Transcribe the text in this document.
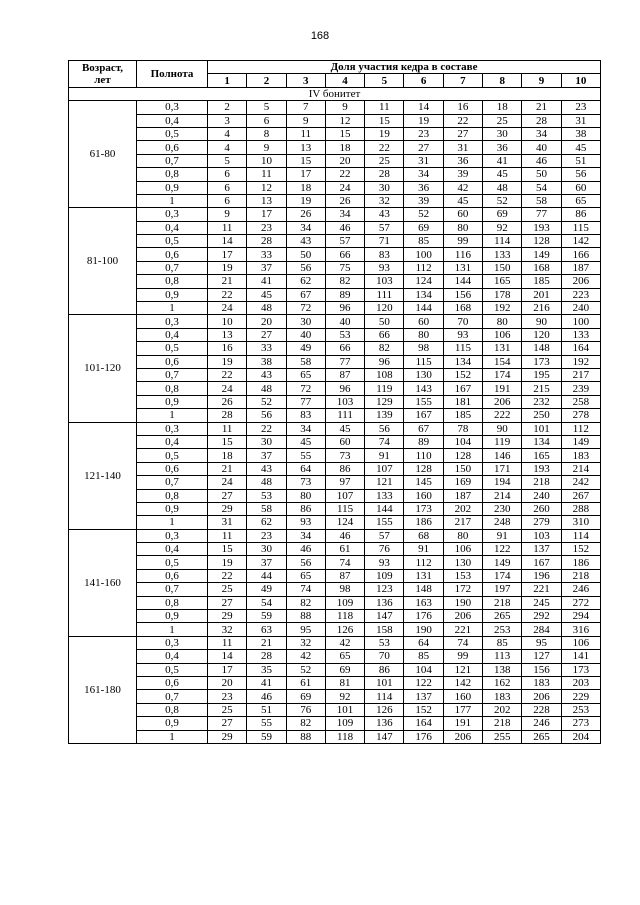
168
Возраст,
лет	Полнота	Доля участия кедра в составе									
		1	2	3	4	5	6	7	8	9	10
IV бонитет											
61-80	0,3	2	5	7	9	11	14	16	18	21	23
	0,4	3	6	9	12	15	19	22	25	28	31
	0,5	4	8	11	15	19	23	27	30	34	38
	0,6	4	9	13	18	22	27	31	36	40	45
	0,7	5	10	15	20	25	31	36	41	46	51
	0,8	6	11	17	22	28	34	39	45	50	56
	0,9	6	12	18	24	30	36	42	48	54	60
	1	6	13	19	26	32	39	45	52	58	65
81-100	0,3	9	17	26	34	43	52	60	69	77	86
	0,4	11	23	34	46	57	69	80	92	193	115
	0,5	14	28	43	57	71	85	99	114	128	142
	0,6	17	33	50	66	83	100	116	133	149	166
	0,7	19	37	56	75	93	112	131	150	168	187
	0,8	21	41	62	82	103	124	144	165	185	206
	0,9	22	45	67	89	111	134	156	178	201	223
	1	24	48	72	96	120	144	168	192	216	240
101-120	0,3	10	20	30	40	50	60	70	80	90	100
	0,4	13	27	40	53	66	80	93	106	120	133
	0,5	16	33	49	66	82	98	115	131	148	164
	0,6	19	38	58	77	96	115	134	154	173	192
	0,7	22	43	65	87	108	130	152	174	195	217
	0,8	24	48	72	96	119	143	167	191	215	239
	0,9	26	52	77	103	129	155	181	206	232	258
	1	28	56	83	111	139	167	185	222	250	278
121-140	0,3	11	22	34	45	56	67	78	90	101	112
	0,4	15	30	45	60	74	89	104	119	134	149
	0,5	18	37	55	73	91	110	128	146	165	183
	0,6	21	43	64	86	107	128	150	171	193	214
	0,7	24	48	73	97	121	145	169	194	218	242
	0,8	27	53	80	107	133	160	187	214	240	267
	0,9	29	58	86	115	144	173	202	230	260	288
	1	31	62	93	124	155	186	217	248	279	310
141-160	0,3	11	23	34	46	57	68	80	91	103	114
	0,4	15	30	46	61	76	91	106	122	137	152
	0,5	19	37	56	74	93	112	130	149	167	186
	0,6	22	44	65	87	109	131	153	174	196	218
	0,7	25	49	74	98	123	148	172	197	221	246
	0,8	27	54	82	109	136	163	190	218	245	272
	0,9	29	59	88	118	147	176	206	265	292	294
	1	32	63	95	126	158	190	221	253	284	316
161-180	0,3	11	21	32	42	53	64	74	85	95	106
	0,4	14	28	42	65	70	85	99	113	127	141
	0,5	17	35	52	69	86	104	121	138	156	173
	0,6	20	41	61	81	101	122	142	162	183	203
	0,7	23	46	69	92	114	137	160	183	206	229
	0,8	25	51	76	101	126	152	177	202	228	253
	0,9	27	55	82	109	136	164	191	218	246	273
	1	29	59	88	118	147	176	206	255	265	204
